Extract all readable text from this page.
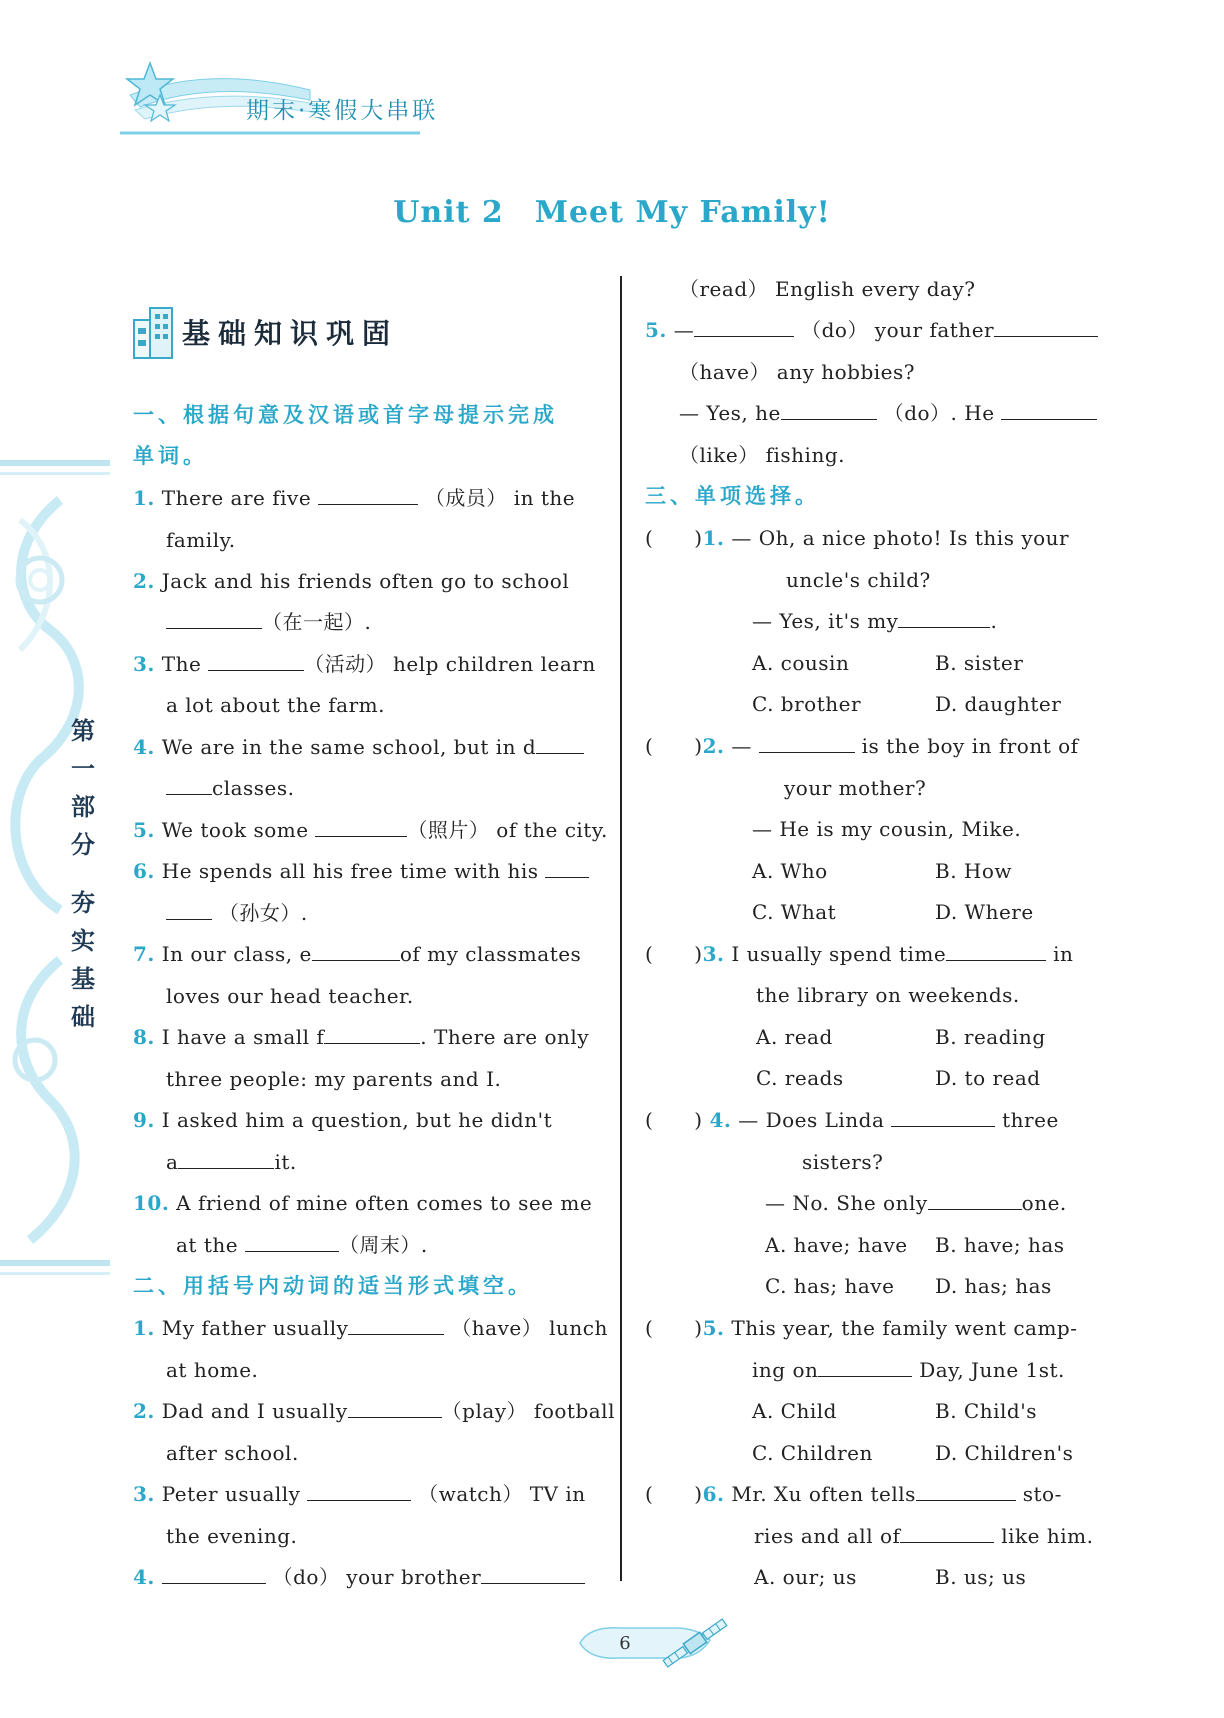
期末·寒假大串联
Unit 2　Meet My Family!
第
一
部
分
夯
实
基
础
基础知识巩固
一、根据句意及汉语或首字母提示完成
单词。
1. There are five	（成员） in the
family.
2. Jack and his friends often go to school
（在一起）.
3. The	（活动） help children learn
a lot about the farm.
4. We are in the same school, but in d
classes.
5. We took some	（照片） of the city.
6. He spends all his free time with his
（孙女）.
7. In our class, e	of my classmates
loves our head teacher.
8. I have a small f	. There are only
three people: my parents and I.
9. I asked him a question, but he didn't
a	it.
10. A friend of mine often comes to see me
at the	（周末）.
二、用括号内动词的适当形式填空。
1. My father usually	（have） lunch
at home.
2. Dad and I usually	（play） football
after school.
3. Peter usually	（watch） TV in
the evening.
4.	（do） your brother
（read） English every day?
5. —	（do） your father
（have） any hobbies?
— Yes, he	（do）. He
（like） fishing.
三、单项选择。
(　　)1. — Oh, a nice photo! Is this your
uncle's child?
— Yes, it's my	.
A. cousin	B. sister
C. brother	D. daughter
(　　)2. —	is the boy in front of
your mother?
— He is my cousin, Mike.
A. Who	B. How
C. What	D. Where
(　　)3. I usually spend time	in
the library on weekends.
A. read	B. reading
C. reads	D. to read
(　　) 4. — Does Linda	three
sisters?
— No. She only	one.
A. have; have B. have; has
C. has; have D. has; has
(　　)5. This year, the family went camp-
ing on	Day, June 1st.
A. Child	B. Child's
C. Children	D. Children's
(　　)6. Mr. Xu often tells	sto-
ries and all of	like him.
A. our; us	B. us; us
6
